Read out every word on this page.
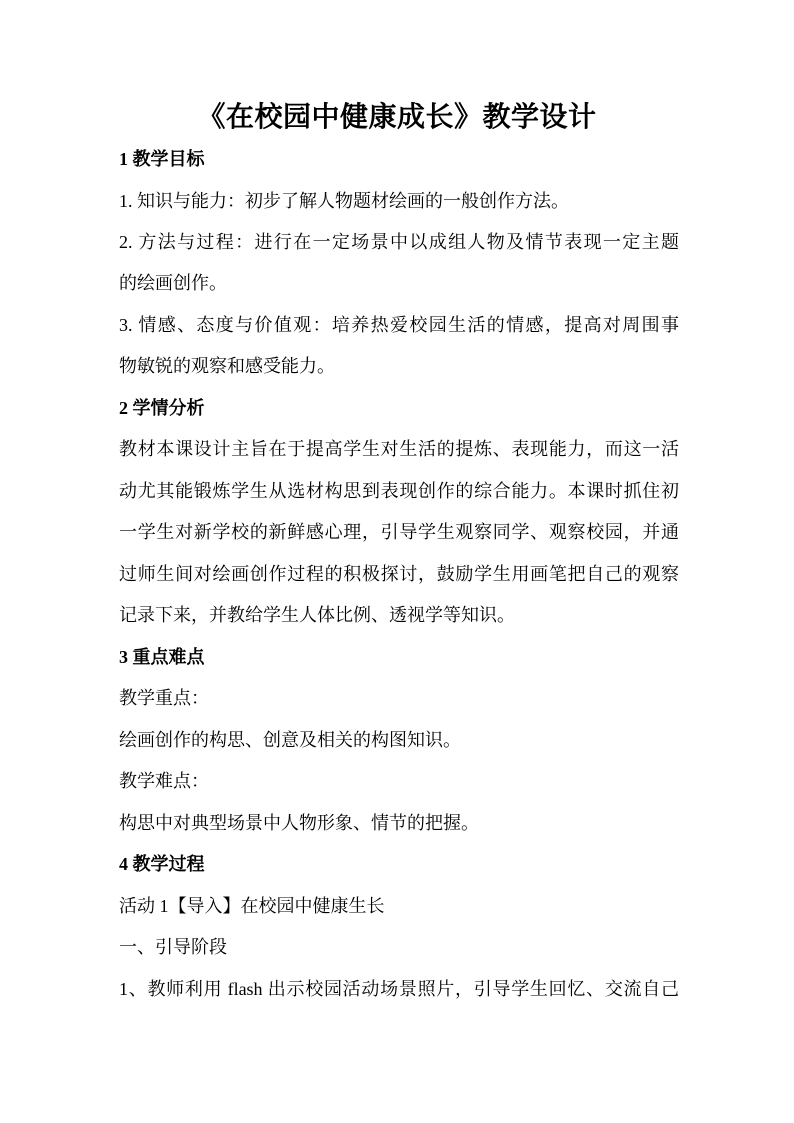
《在校园中健康成长》教学设计
1 教学目标
1. 知识与能力：初步了解人物题材绘画的一般创作方法。
2. 方法与过程：进行在一定场景中以成组人物及情节表现一定主题
的绘画创作。
3. 情感、态度与价值观：培养热爱校园生活的情感，提高对周围事
物敏锐的观察和感受能力。
2 学情分析
教材本课设计主旨在于提高学生对生活的提炼、表现能力，而这一活
动尤其能锻炼学生从选材构思到表现创作的综合能力。本课时抓住初
一学生对新学校的新鲜感心理，引导学生观察同学、观察校园，并通
过师生间对绘画创作过程的积极探讨，鼓励学生用画笔把自己的观察
记录下来，并教给学生人体比例、透视学等知识。
3 重点难点
教学重点：
绘画创作的构思、创意及相关的构图知识。
教学难点：
构思中对典型场景中人物形象、情节的把握。
4 教学过程
活动 1【导入】在校园中健康生长
一、引导阶段
1、教师利用 flash 出示校园活动场景照片，引导学生回忆、交流自己
